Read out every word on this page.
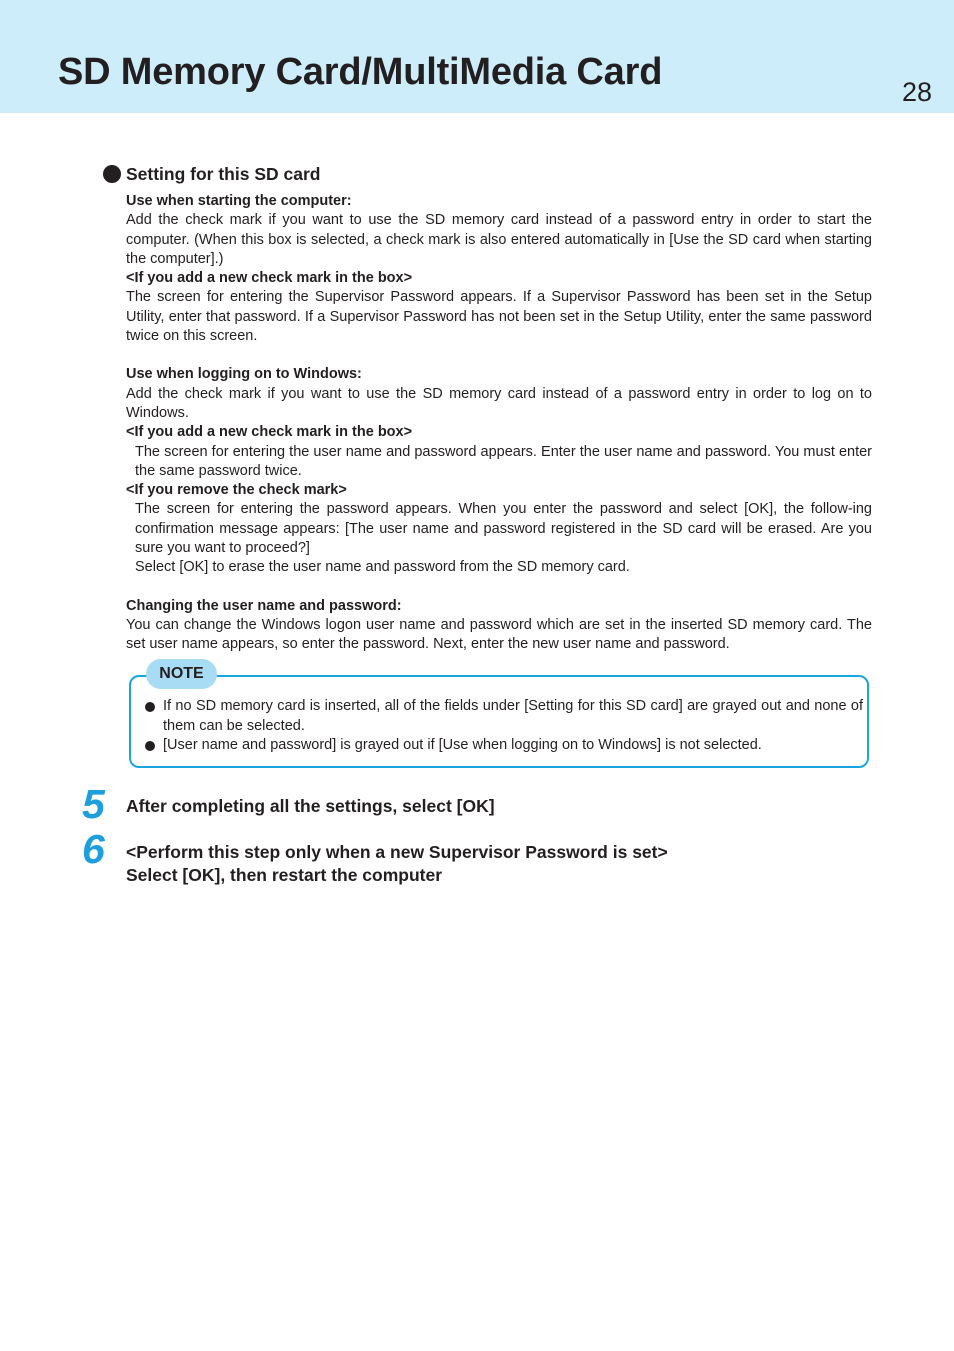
SD Memory Card/MultiMedia Card	28
Setting for this SD card

Use when starting the computer:

Add the check mark if you want to use the SD memory card instead of a password entry in order to start the computer. (When this box is selected, a check mark is also entered automatically in [Use the SD card when starting the computer].)

<If you add a new check mark in the box>

The screen for entering the Supervisor Password appears. If a Supervisor Password has been set in the Setup Utility, enter that password. If a Supervisor Password has not been set in the Setup Utility, enter the same password twice on this screen.

Use when logging on to Windows:

Add the check mark if you want to use the SD memory card instead of a password entry in order to log on to Windows.

<If you add a new check mark in the box>

The screen for entering the user name and password appears. Enter the user name and password. You must enter the same password twice.

<If you remove the check mark>

The screen for entering the password appears. When you enter the password and select [OK], the follow-ing confirmation message appears: [The user name and password registered in the SD card will be erased. Are you sure you want to proceed?]

Select [OK] to erase the user name and password from the SD memory card.

Changing the user name and password:

You can change the Windows logon user name and password which are set in the inserted SD memory card. The set user name appears, so enter the password. Next, enter the new user name and password.

NOTE
If no SD memory card is inserted, all of the fields under [Setting for this SD card] are grayed out and none of them can be selected.
[User name and password] is grayed out if [Use when logging on to Windows] is not selected.
5 After completing all the settings, select [OK]
6 <Perform this step only when a new Supervisor Password is set>
Select [OK], then restart the computer
